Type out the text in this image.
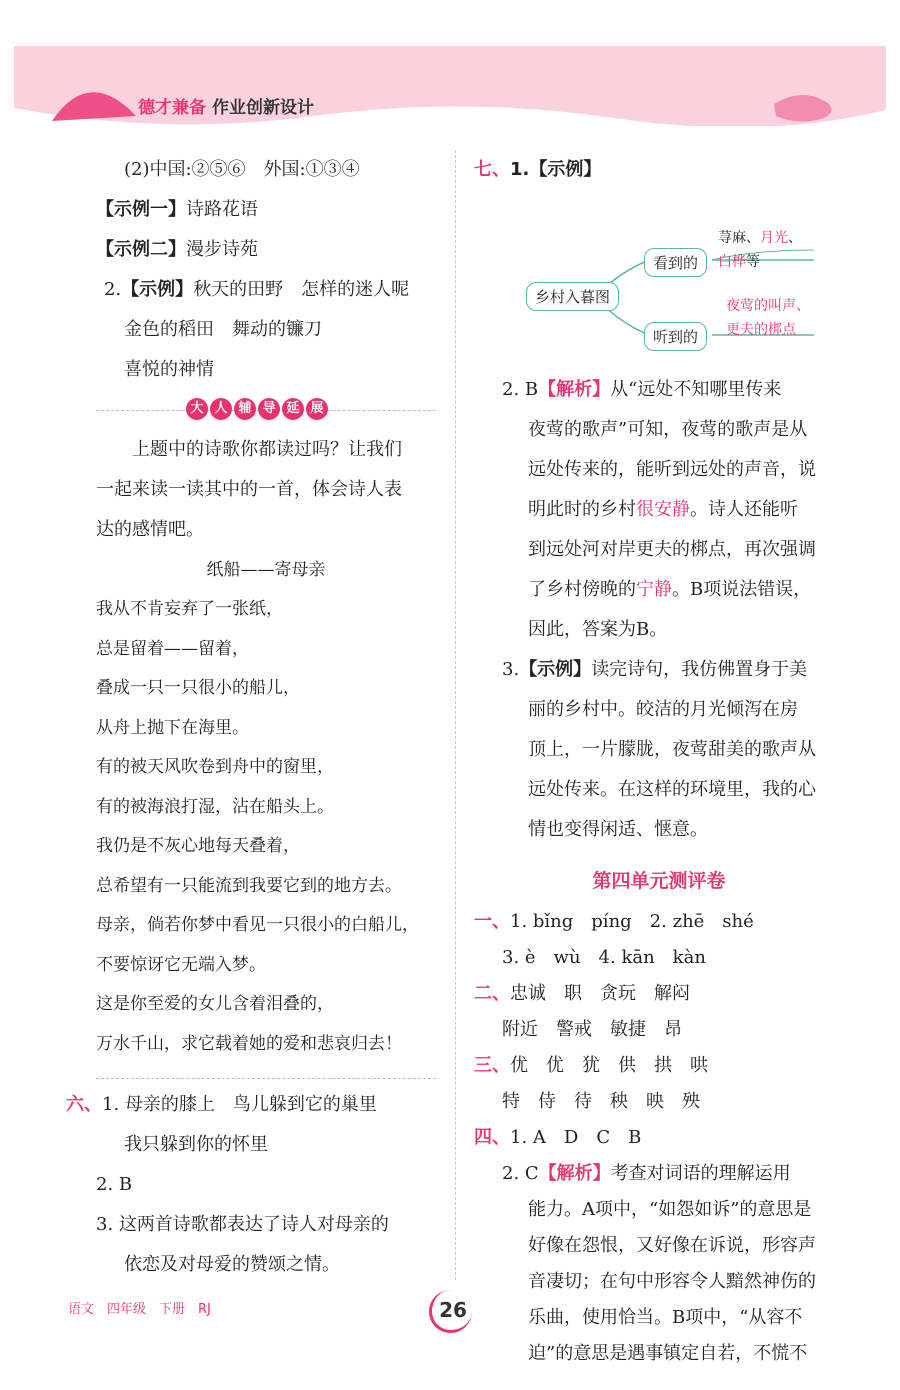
德才兼备 作业创新设计
(2)中国:②⑤⑥　外国:①③④
【示例一】诗路花语
【示例二】漫步诗苑
2.【示例】秋天的田野　怎样的迷人呢
金色的稻田　舞动的镰刀
喜悦的神情
大 人 辅 导 延 展
上题中的诗歌你都读过吗？让我们
一起来读一读其中的一首，体会诗人表
达的感情吧。
纸船——寄母亲
我从不肯妄弃了一张纸，
总是留着——留着，
叠成一只一只很小的船儿，
从舟上抛下在海里。
有的被天风吹卷到舟中的窗里，
有的被海浪打湿，沾在船头上。
我仍是不灰心地每天叠着，
总希望有一只能流到我要它到的地方去。
母亲，倘若你梦中看见一只很小的白船儿，
不要惊讶它无端入梦。
这是你至爱的女儿含着泪叠的，
万水千山，求它载着她的爱和悲哀归去！
六、1. 母亲的膝上　鸟儿躲到它的巢里
我只躲到你的怀里
2. B
3. 这两首诗歌都表达了诗人对母亲的
依恋及对母爱的赞颂之情。
七、1.【示例】
乡村入暮图
看到的
听到的
荨麻、月光、
白桦等
夜莺的叫声、
更夫的梆点
2. B【解析】从“远处不知哪里传来
夜莺的歌声”可知，夜莺的歌声是从
远处传来的，能听到远处的声音，说
明此时的乡村很安静。诗人还能听
到远处河对岸更夫的梆点，再次强调
了乡村傍晚的宁静。B项说法错误，
因此，答案为B。
3.【示例】读完诗句，我仿佛置身于美
丽的乡村中。皎洁的月光倾泻在房
顶上，一片朦胧，夜莺甜美的歌声从
远处传来。在这样的环境里，我的心
情也变得闲适、惬意。
第四单元测评卷
一、1. bǐng　píng　2. zhē　shé
3. è　wù　4. kān　kàn
二、忠诚　职　贪玩　解闷
附近　警戒　敏捷　昂
三、优　优　犹　供　拱　哄
特　侍　待　秧　映　殃
四、1. A　D　C　B
2. C【解析】考查对词语的理解运用
能力。A项中，“如怨如诉”的意思是
好像在怨恨，又好像在诉说，形容声
音凄切；在句中形容令人黯然神伤的
乐曲，使用恰当。B项中，“从容不
迫”的意思是遇事镇定自若，不慌不
语文　四年级　下册　RJ	26
